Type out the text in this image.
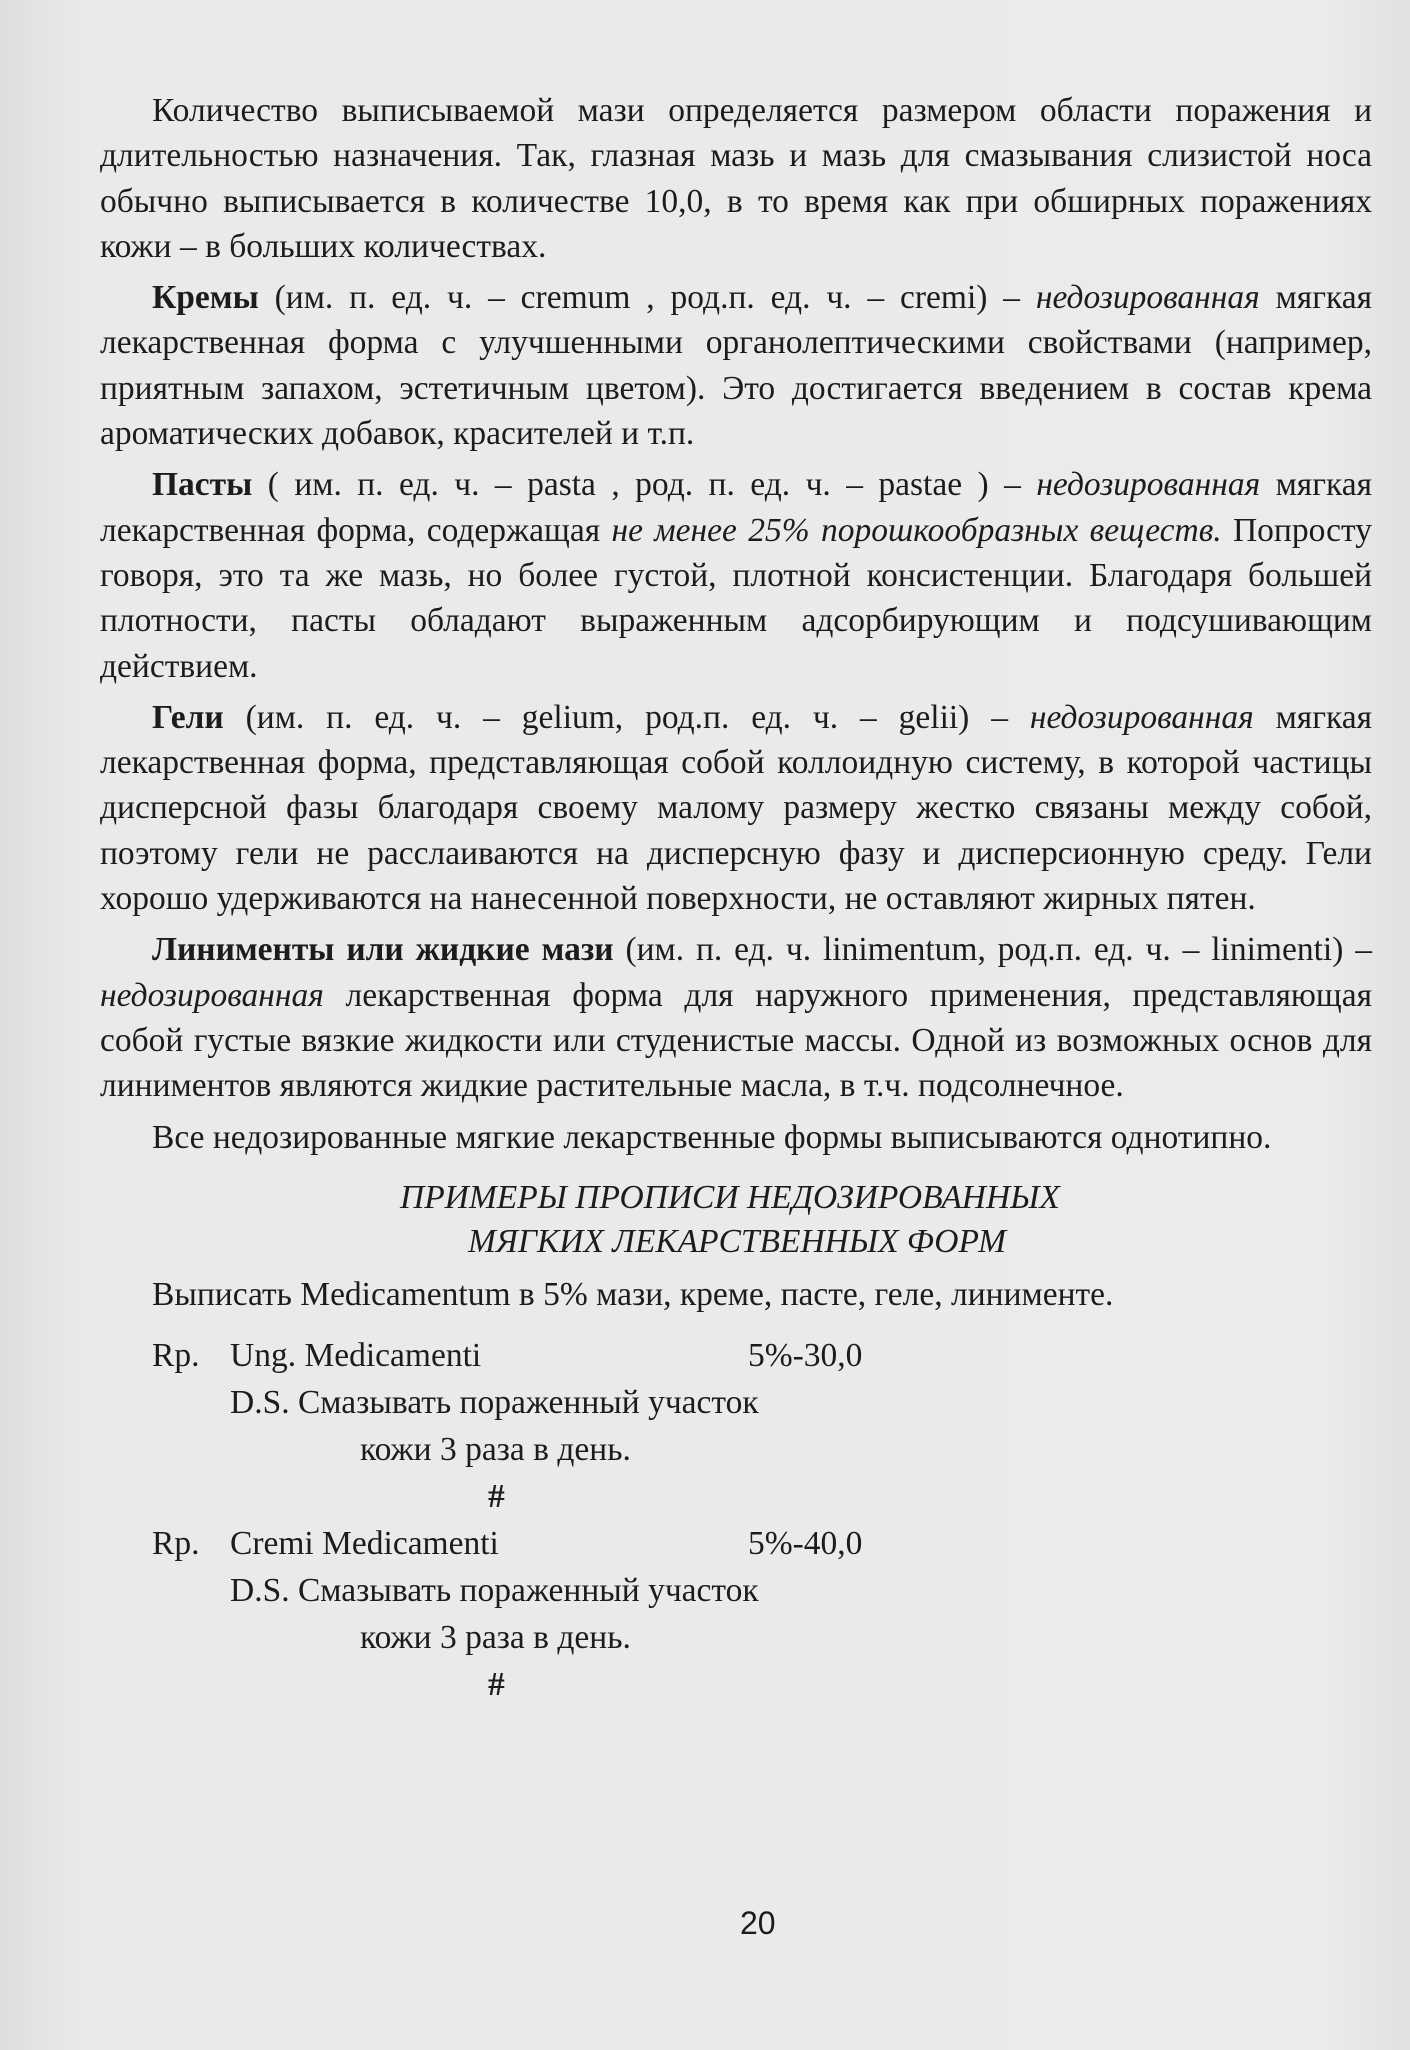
Количество выписываемой мази определяется размером области поражения и длительностью назначения. Так, глазная мазь и мазь для смазывания слизистой носа обычно выписывается в количестве 10,0, в то время как при обширных поражениях кожи – в больших количествах.

Кремы (им. п. ед. ч. – cremum , род.п. ед. ч. – cremi) – недозированная мягкая лекарственная форма с улучшенными органолептическими свойствами (например, приятным запахом, эстетичным цветом). Это достигается введением в состав крема ароматических добавок, красителей и т.п.

Пасты ( им. п. ед. ч. – pasta , род. п. ед. ч. – pastae ) – недозированная мягкая лекарственная форма, содержащая не менее 25% порошкообразных веществ. Попросту говоря, это та же мазь, но более густой, плотной консистенции. Благодаря большей плотности, пасты обладают выраженным адсорбирующим и подсушивающим действием.

Гели (им. п. ед. ч. – gelium, род.п. ед. ч. – gelii) – недозированная мягкая лекарственная форма, представляющая собой коллоидную систему, в которой частицы дисперсной фазы благодаря своему малому размеру жестко связаны между собой, поэтому гели не расслаиваются на дисперсную фазу и дисперсионную среду. Гели хорошо удерживаются на нанесенной поверхности, не оставляют жирных пятен.

Линименты или жидкие мази (им. п. ед. ч. linimentum, род.п. ед. ч. – linimenti) – недозированная лекарственная форма для наружного применения, представляющая собой густые вязкие жидкости или студенистые массы. Одной из возможных основ для линиментов являются жидкие растительные масла, в т.ч. подсолнечное.

Все недозированные мягкие лекарственные формы выписываются однотипно.

ПРИМЕРЫ ПРОПИСИ НЕДОЗИРОВАННЫХ
МЯГКИХ ЛЕКАРСТВЕННЫХ ФОРМ
Выписать Medicamentum в 5% мази, креме, пасте, геле, линименте.
Rp. Ung. Medicamenti	5%-30,0
D.S. Смазывать пораженный участок
кожи 3 раза в день.
#
Rp. Cremi Medicamenti	5%-40,0
D.S. Смазывать пораженный участок
кожи 3 раза в день.
#
20
